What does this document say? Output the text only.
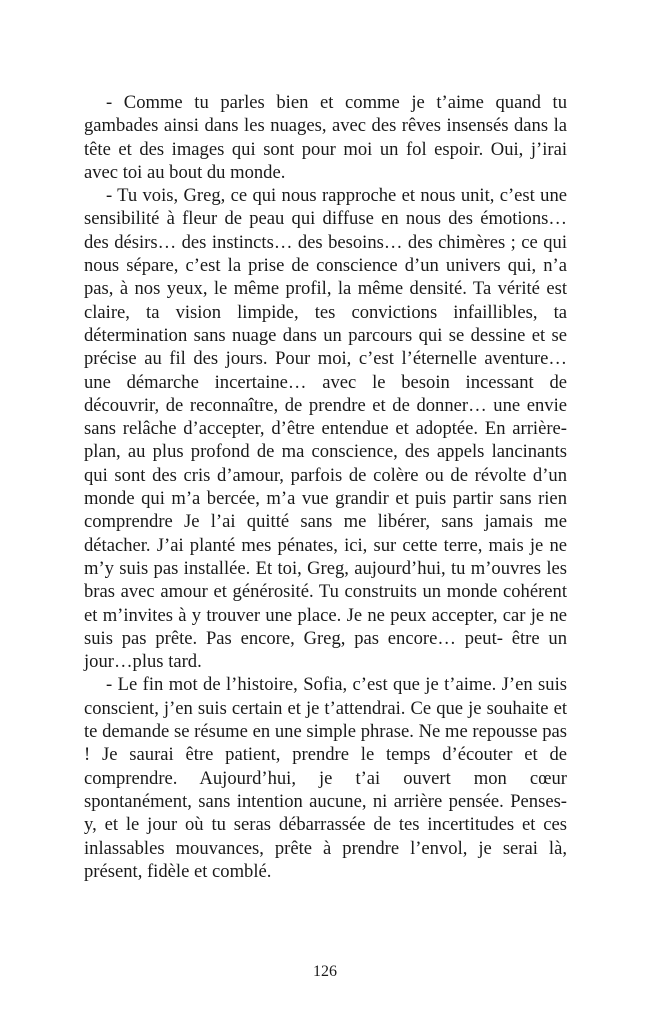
- Comme tu parles bien et comme je t’aime quand tu gambades ainsi dans les nuages, avec des rêves insensés dans la tête et des images qui sont pour moi un fol espoir. Oui, j’irai avec toi au bout du monde.

- Tu vois, Greg, ce qui nous rapproche et nous unit, c’est une sensibilité à fleur de peau qui diffuse en nous des émotions… des désirs… des instincts… des besoins… des chimères ; ce qui nous sépare, c’est la prise de conscience d’un univers qui, n’a pas, à nos yeux, le même profil, la même densité. Ta vérité est claire, ta vision limpide, tes convictions infaillibles, ta détermination sans nuage dans un parcours qui se dessine et se précise au fil des jours. Pour moi, c’est l’éternelle aventure… une démarche incertaine… avec le besoin incessant de découvrir, de reconnaître, de prendre et de donner… une envie sans relâche d’accepter, d’être entendue et adoptée. En arrière-plan, au plus profond de ma conscience, des appels lancinants qui sont des cris d’amour, parfois de colère ou de révolte d’un monde qui m’a bercée, m’a vue grandir et puis partir sans rien comprendre Je l’ai quitté sans me libérer, sans jamais me détacher. J’ai planté mes pénates, ici, sur cette terre, mais je ne m’y suis pas installée. Et toi, Greg, aujourd’hui, tu m’ouvres les bras avec amour et générosité. Tu construits un monde cohérent et m’invites à y trouver une place. Je ne peux accepter, car je ne suis pas prête. Pas encore, Greg, pas encore… peut- être un jour…plus tard.

- Le fin mot de l’histoire, Sofia, c’est que je t’aime. J’en suis conscient, j’en suis certain et je t’attendrai. Ce que je souhaite et te demande se résume en une simple phrase. Ne me repousse pas ! Je saurai être patient, prendre le temps d’écouter et de comprendre. Aujourd’hui, je t’ai ouvert mon cœur spontanément, sans intention aucune, ni arrière pensée. Penses-y, et le jour où tu seras débarrassée de tes incertitudes et ces inlassables mouvances, prête à prendre l’envol, je serai là, présent, fidèle et comblé.

126
